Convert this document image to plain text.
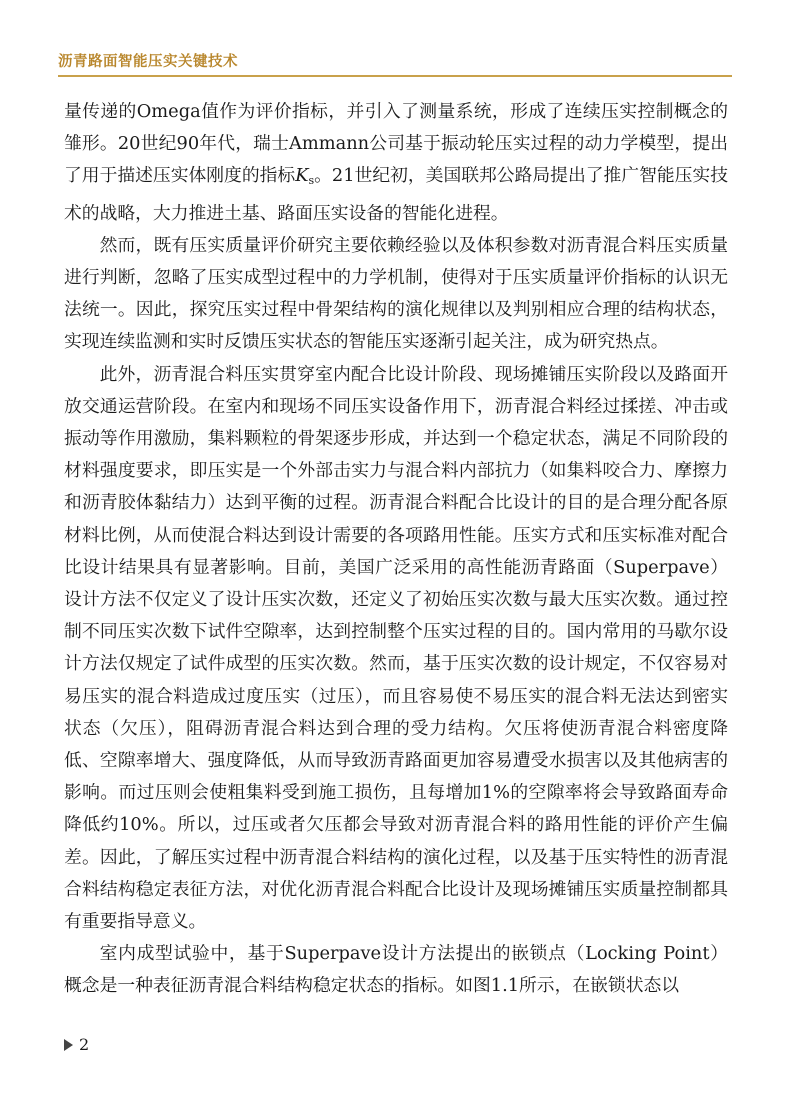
沥青路面智能压实关键技术

量传递的Omega值作为评价指标，并引入了测量系统，形成了连续压实控制概念的雏形。20世纪90年代，瑞士Ammann公司基于振动轮压实过程的动力学模型，提出了用于描述压实体刚度的指标$K_s$。21世纪初，美国联邦公路局提出了推广智能压实技术的战略，大力推进土基、路面压实设备的智能化进程。

然而，既有压实质量评价研究主要依赖经验以及体积参数对沥青混合料压实质量进行判断，忽略了压实成型过程中的力学机制，使得对于压实质量评价指标的认识无法统一。因此，探究压实过程中骨架结构的演化规律以及判别相应合理的结构状态，实现连续监测和实时反馈压实状态的智能压实逐渐引起关注，成为研究热点。

此外，沥青混合料压实贯穿室内配合比设计阶段、现场摊铺压实阶段以及路面开放交通运营阶段。在室内和现场不同压实设备作用下，沥青混合料经过揉搓、冲击或振动等作用激励，集料颗粒的骨架逐步形成，并达到一个稳定状态，满足不同阶段的材料强度要求，即压实是一个外部击实力与混合料内部抗力（如集料咬合力、摩擦力和沥青胶体黏结力）达到平衡的过程。沥青混合料配合比设计的目的是合理分配各原材料比例，从而使混合料达到设计需要的各项路用性能。压实方式和压实标准对配合比设计结果具有显著影响。目前，美国广泛采用的高性能沥青路面（Superpave）设计方法不仅定义了设计压实次数，还定义了初始压实次数与最大压实次数。通过控制不同压实次数下试件空隙率，达到控制整个压实过程的目的。国内常用的马歇尔设计方法仅规定了试件成型的压实次数。然而，基于压实次数的设计规定，不仅容易对易压实的混合料造成过度压实（过压），而且容易使不易压实的混合料无法达到密实状态（欠压），阻碍沥青混合料达到合理的受力结构。欠压将使沥青混合料密度降低、空隙率增大、强度降低，从而导致沥青路面更加容易遭受水损害以及其他病害的影响。而过压则会使粗集料受到施工损伤，且每增加1%的空隙率将会导致路面寿命降低约10%。所以，过压或者欠压都会导致对沥青混合料的路用性能的评价产生偏差。因此，了解压实过程中沥青混合料结构的演化过程，以及基于压实特性的沥青混合料结构稳定表征方法，对优化沥青混合料配合比设计及现场摊铺压实质量控制都具有重要指导意义。

室内成型试验中，基于Superpave设计方法提出的嵌锁点（Locking Point）概念是一种表征沥青混合料结构稳定状态的指标。如图1.1所示，在嵌锁状态以

2
